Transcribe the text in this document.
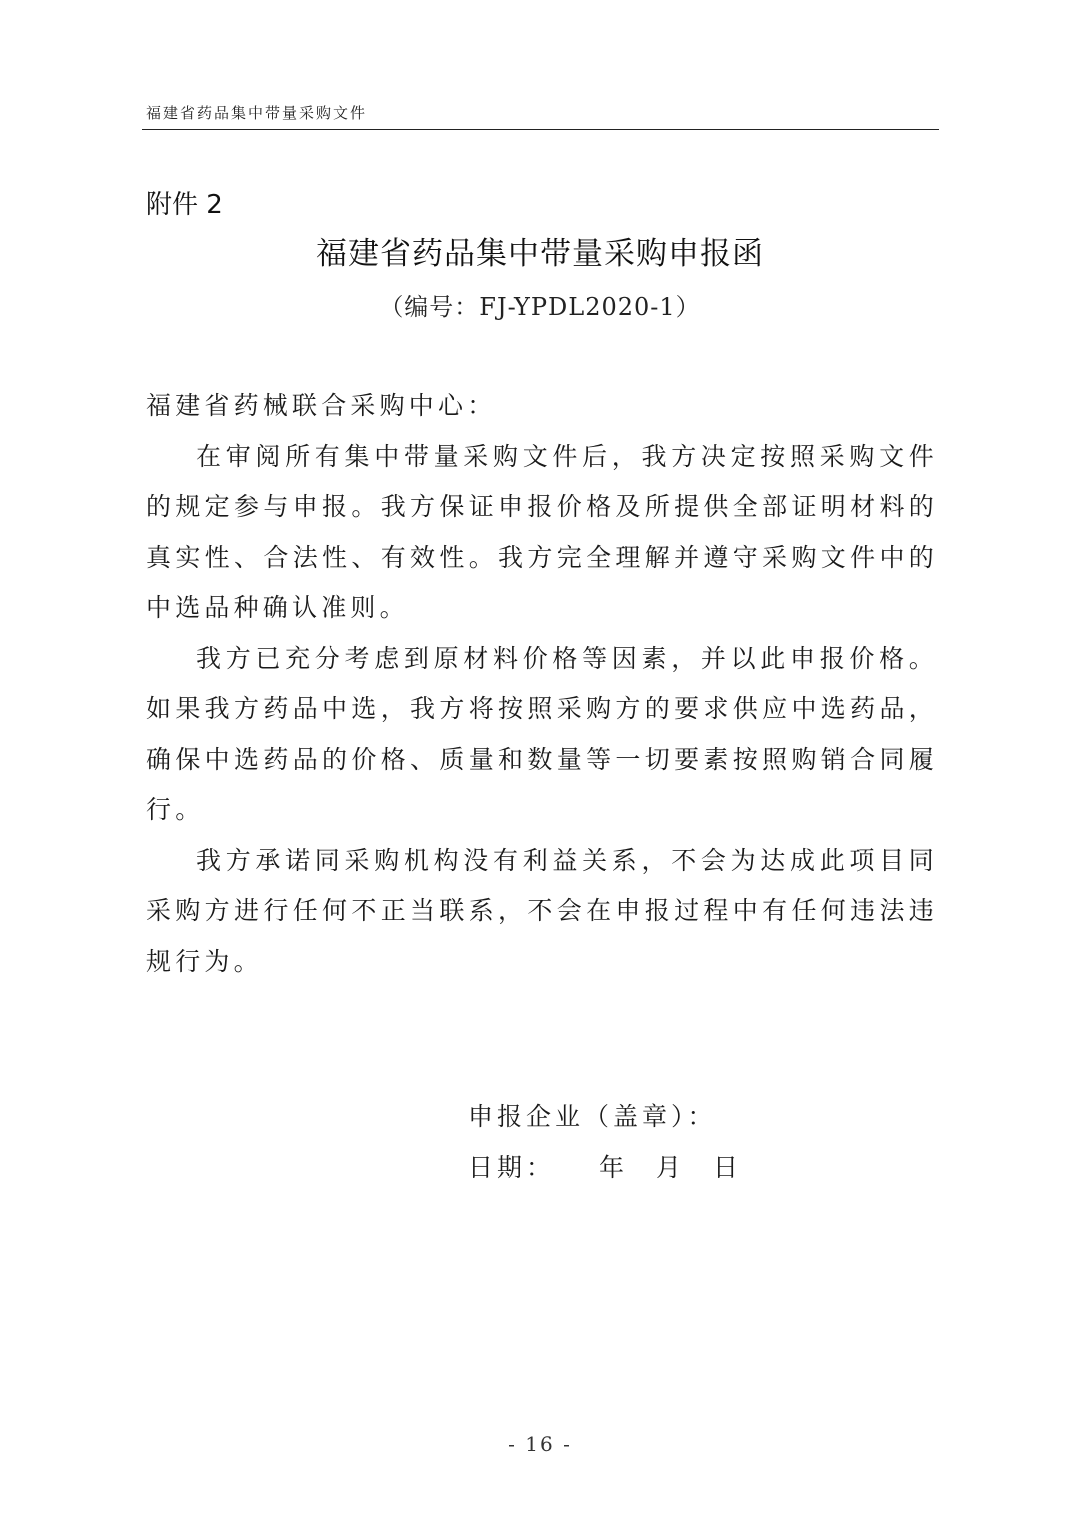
福建省药品集中带量采购文件
附件 2
福建省药品集中带量采购申报函
（编号：FJ-YPDL2020-1）

福建省药械联合采购中心：

在审阅所有集中带量采购文件后，我方决定按照采购文件的规定参与申报。我方保证申报价格及所提供全部证明材料的真实性、合法性、有效性。我方完全理解并遵守采购文件中的中选品种确认准则。

我方已充分考虑到原材料价格等因素，并以此申报价格。如果我方药品中选，我方将按照采购方的要求供应中选药品，确保中选药品的价格、质量和数量等一切要素按照购销合同履行。

我方承诺同采购机构没有利益关系，不会为达成此项目同采购方进行任何不正当联系，不会在申报过程中有任何违法违规行为。

申报企业（盖章）：
日期： 年 月 日
- 16 -
